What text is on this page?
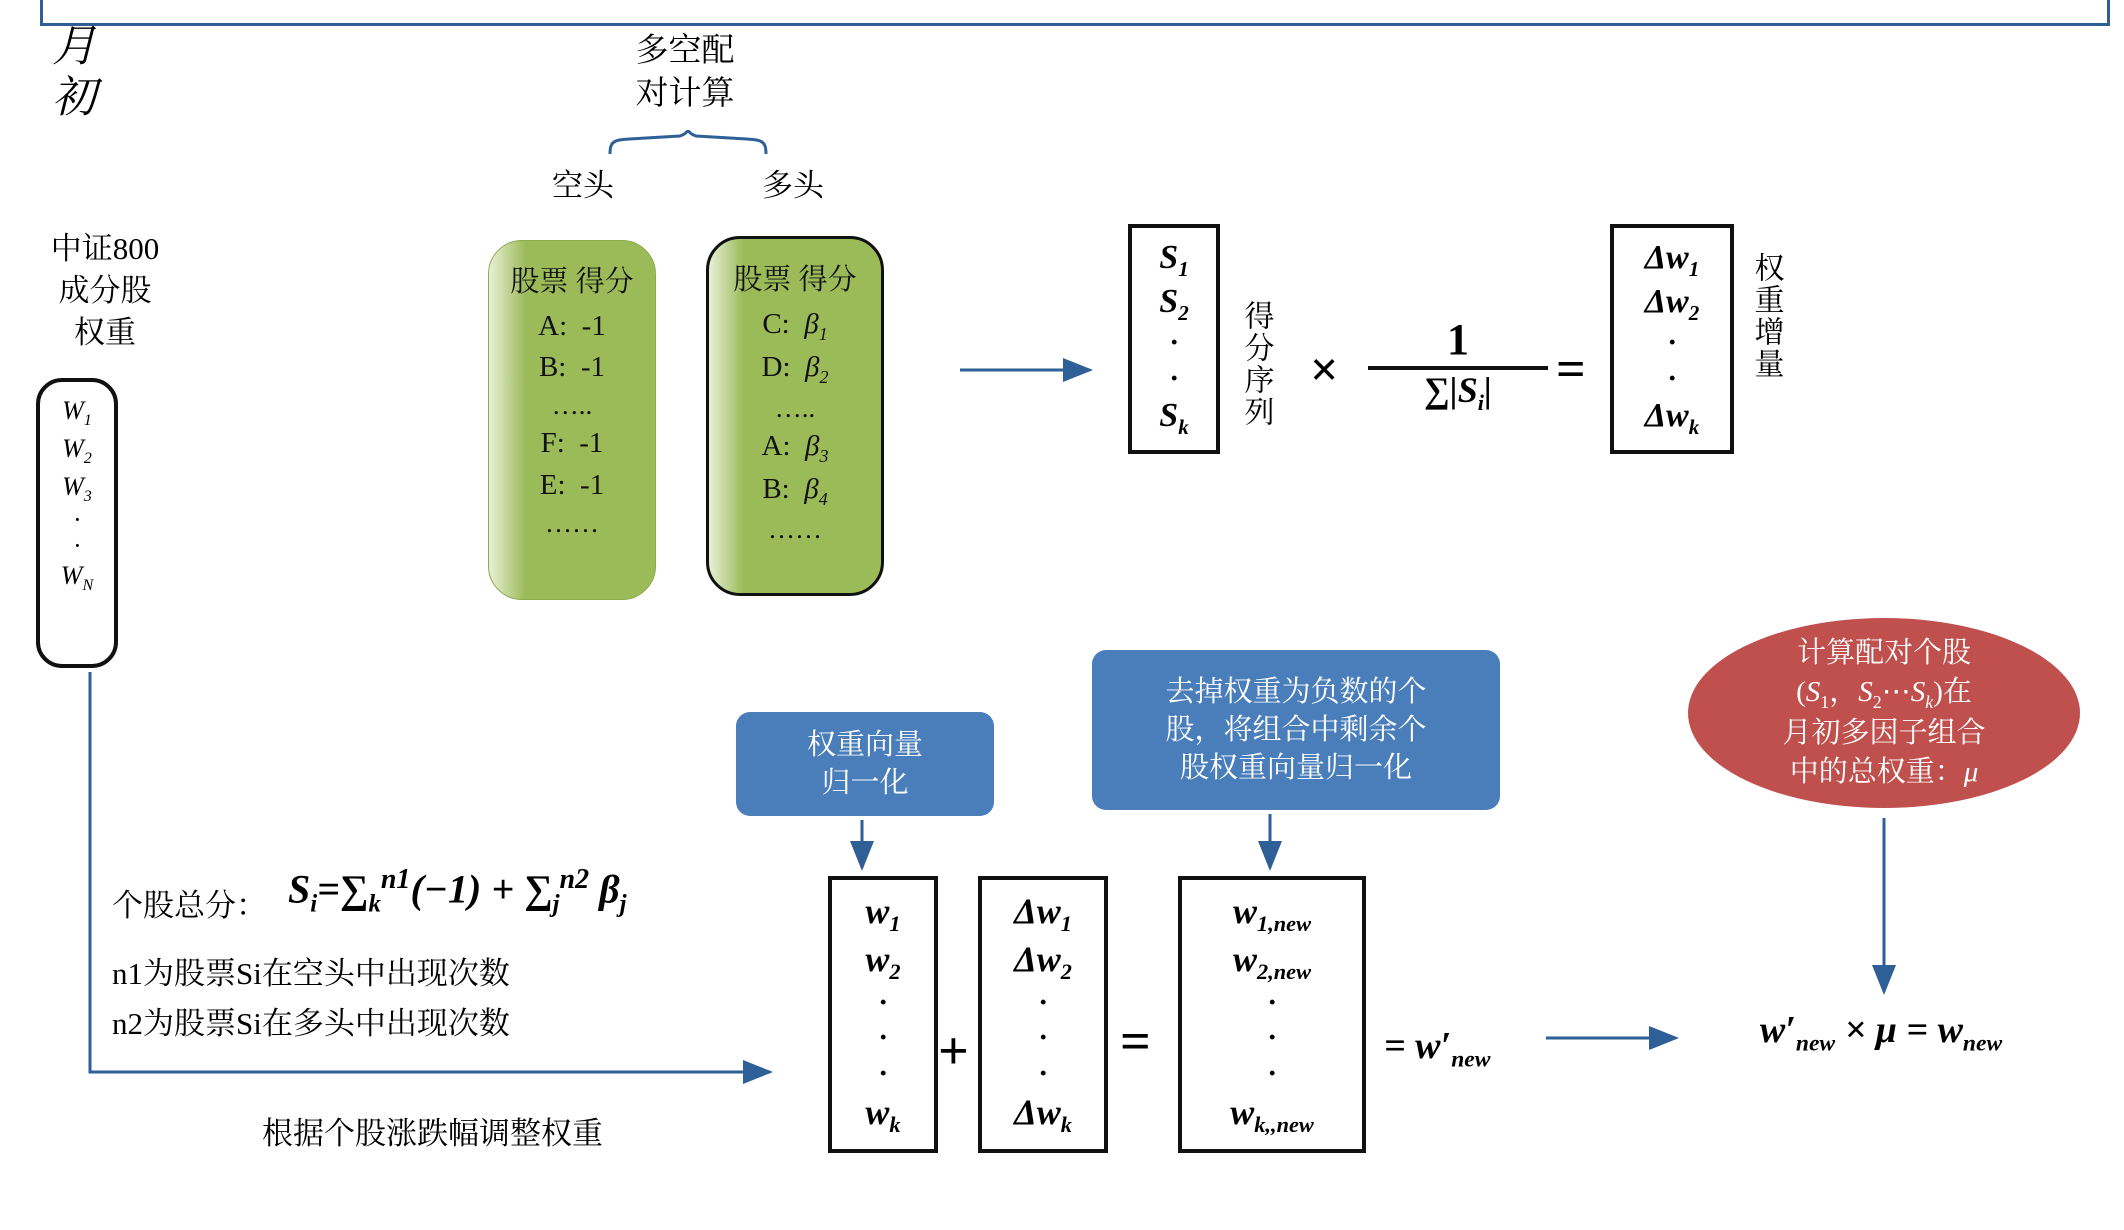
月
初
多空配
对计算
空头	多头
中证800
成分股
权重
$W_1$
$W_2$
$W_3$
·
·
$W_N$
股票 得分
A:  -1
B:  -1
…..
F:  -1
E:  -1
……
股票 得分
C:  $\beta_1$
D:  $\beta_2$
…..
A:  $\beta_3$
B:  $\beta_4$
……
$S_1$
$S_2$
·
·
$S_k$	得分序列 ×
1
$\sum|S_i|$	=
$\Delta w_1$
$\Delta w_2$
·
·
$\Delta w_k$
权重增量
权重向量
归一化
去掉权重为负数的个
股，将组合中剩余个
股权重向量归一化
计算配对个股
($S_1$，$S_2\cdots S_k$)在
月初多因子组合
中的总权重：μ
个股总分： $S_i=\sum_k^{n1}(-1) + \sum_j^{n2}$ $\beta_j$
n1为股票Si在空头中出现次数
n2为股票Si在多头中出现次数
根据个股涨跌幅调整权重
$w_1$
$w_2$
·
·
·
$w_k$
+
$\Delta w_1$
$\Delta w_2$
·
·
·
$\Delta w_k$
=
$w_{1,new}$
$w_{2,new}$
·
·
·
$w_{k,,new}$
= $w'_{new}$
$w'_{new} \times \mu = w_{new}$
